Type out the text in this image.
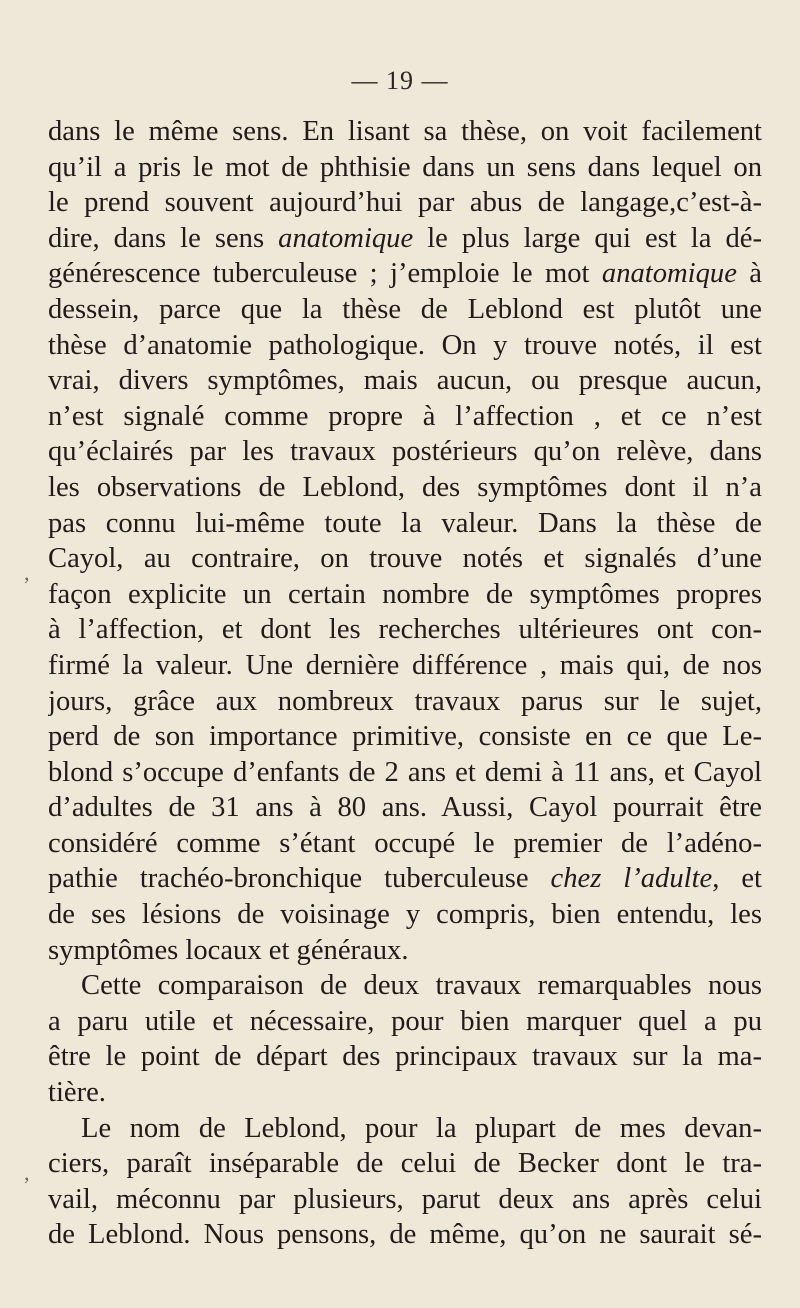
— 19 —
dans le même sens. En lisant sa thèse, on voit facilement
qu’il a pris le mot de phthisie dans un sens dans lequel on
le prend souvent aujourd’hui par abus de langage,c’est-à-
dire, dans le sens anatomique le plus large qui est la dé-
générescence tuberculeuse ; j’emploie le mot anatomique à
dessein, parce que la thèse de Leblond est plutôt une
thèse d’anatomie pathologique. On y trouve notés, il est
vrai, divers symptômes, mais aucun, ou presque aucun,
n’est signalé comme propre à l’affection , et ce n’est
qu’éclairés par les travaux postérieurs qu’on relève, dans
les observations de Leblond, des symptômes dont il n’a
pas connu lui-même toute la valeur. Dans la thèse de
Cayol, au contraire, on trouve notés et signalés d’une
façon explicite un certain nombre de symptômes propres
à l’affection, et dont les recherches ultérieures ont con-
firmé la valeur. Une dernière différence , mais qui, de nos
jours, grâce aux nombreux travaux parus sur le sujet,
perd de son importance primitive, consiste en ce que Le-
blond s’occupe d’enfants de 2 ans et demi à 11 ans, et Cayol
d’adultes de 31 ans à 80 ans. Aussi, Cayol pourrait être
considéré comme s’étant occupé le premier de l’adéno-
pathie trachéo-bronchique tuberculeuse chez l’adulte, et
de ses lésions de voisinage y compris, bien entendu, les
symptômes locaux et généraux.
Cette comparaison de deux travaux remarquables nous
a paru utile et nécessaire, pour bien marquer quel a pu
être le point de départ des principaux travaux sur la ma-
tière.
Le nom de Leblond, pour la plupart de mes devan-
ciers, paraît inséparable de celui de Becker dont le tra-
vail, méconnu par plusieurs, parut deux ans après celui
de Leblond. Nous pensons, de même, qu’on ne saurait sé-
,
,
